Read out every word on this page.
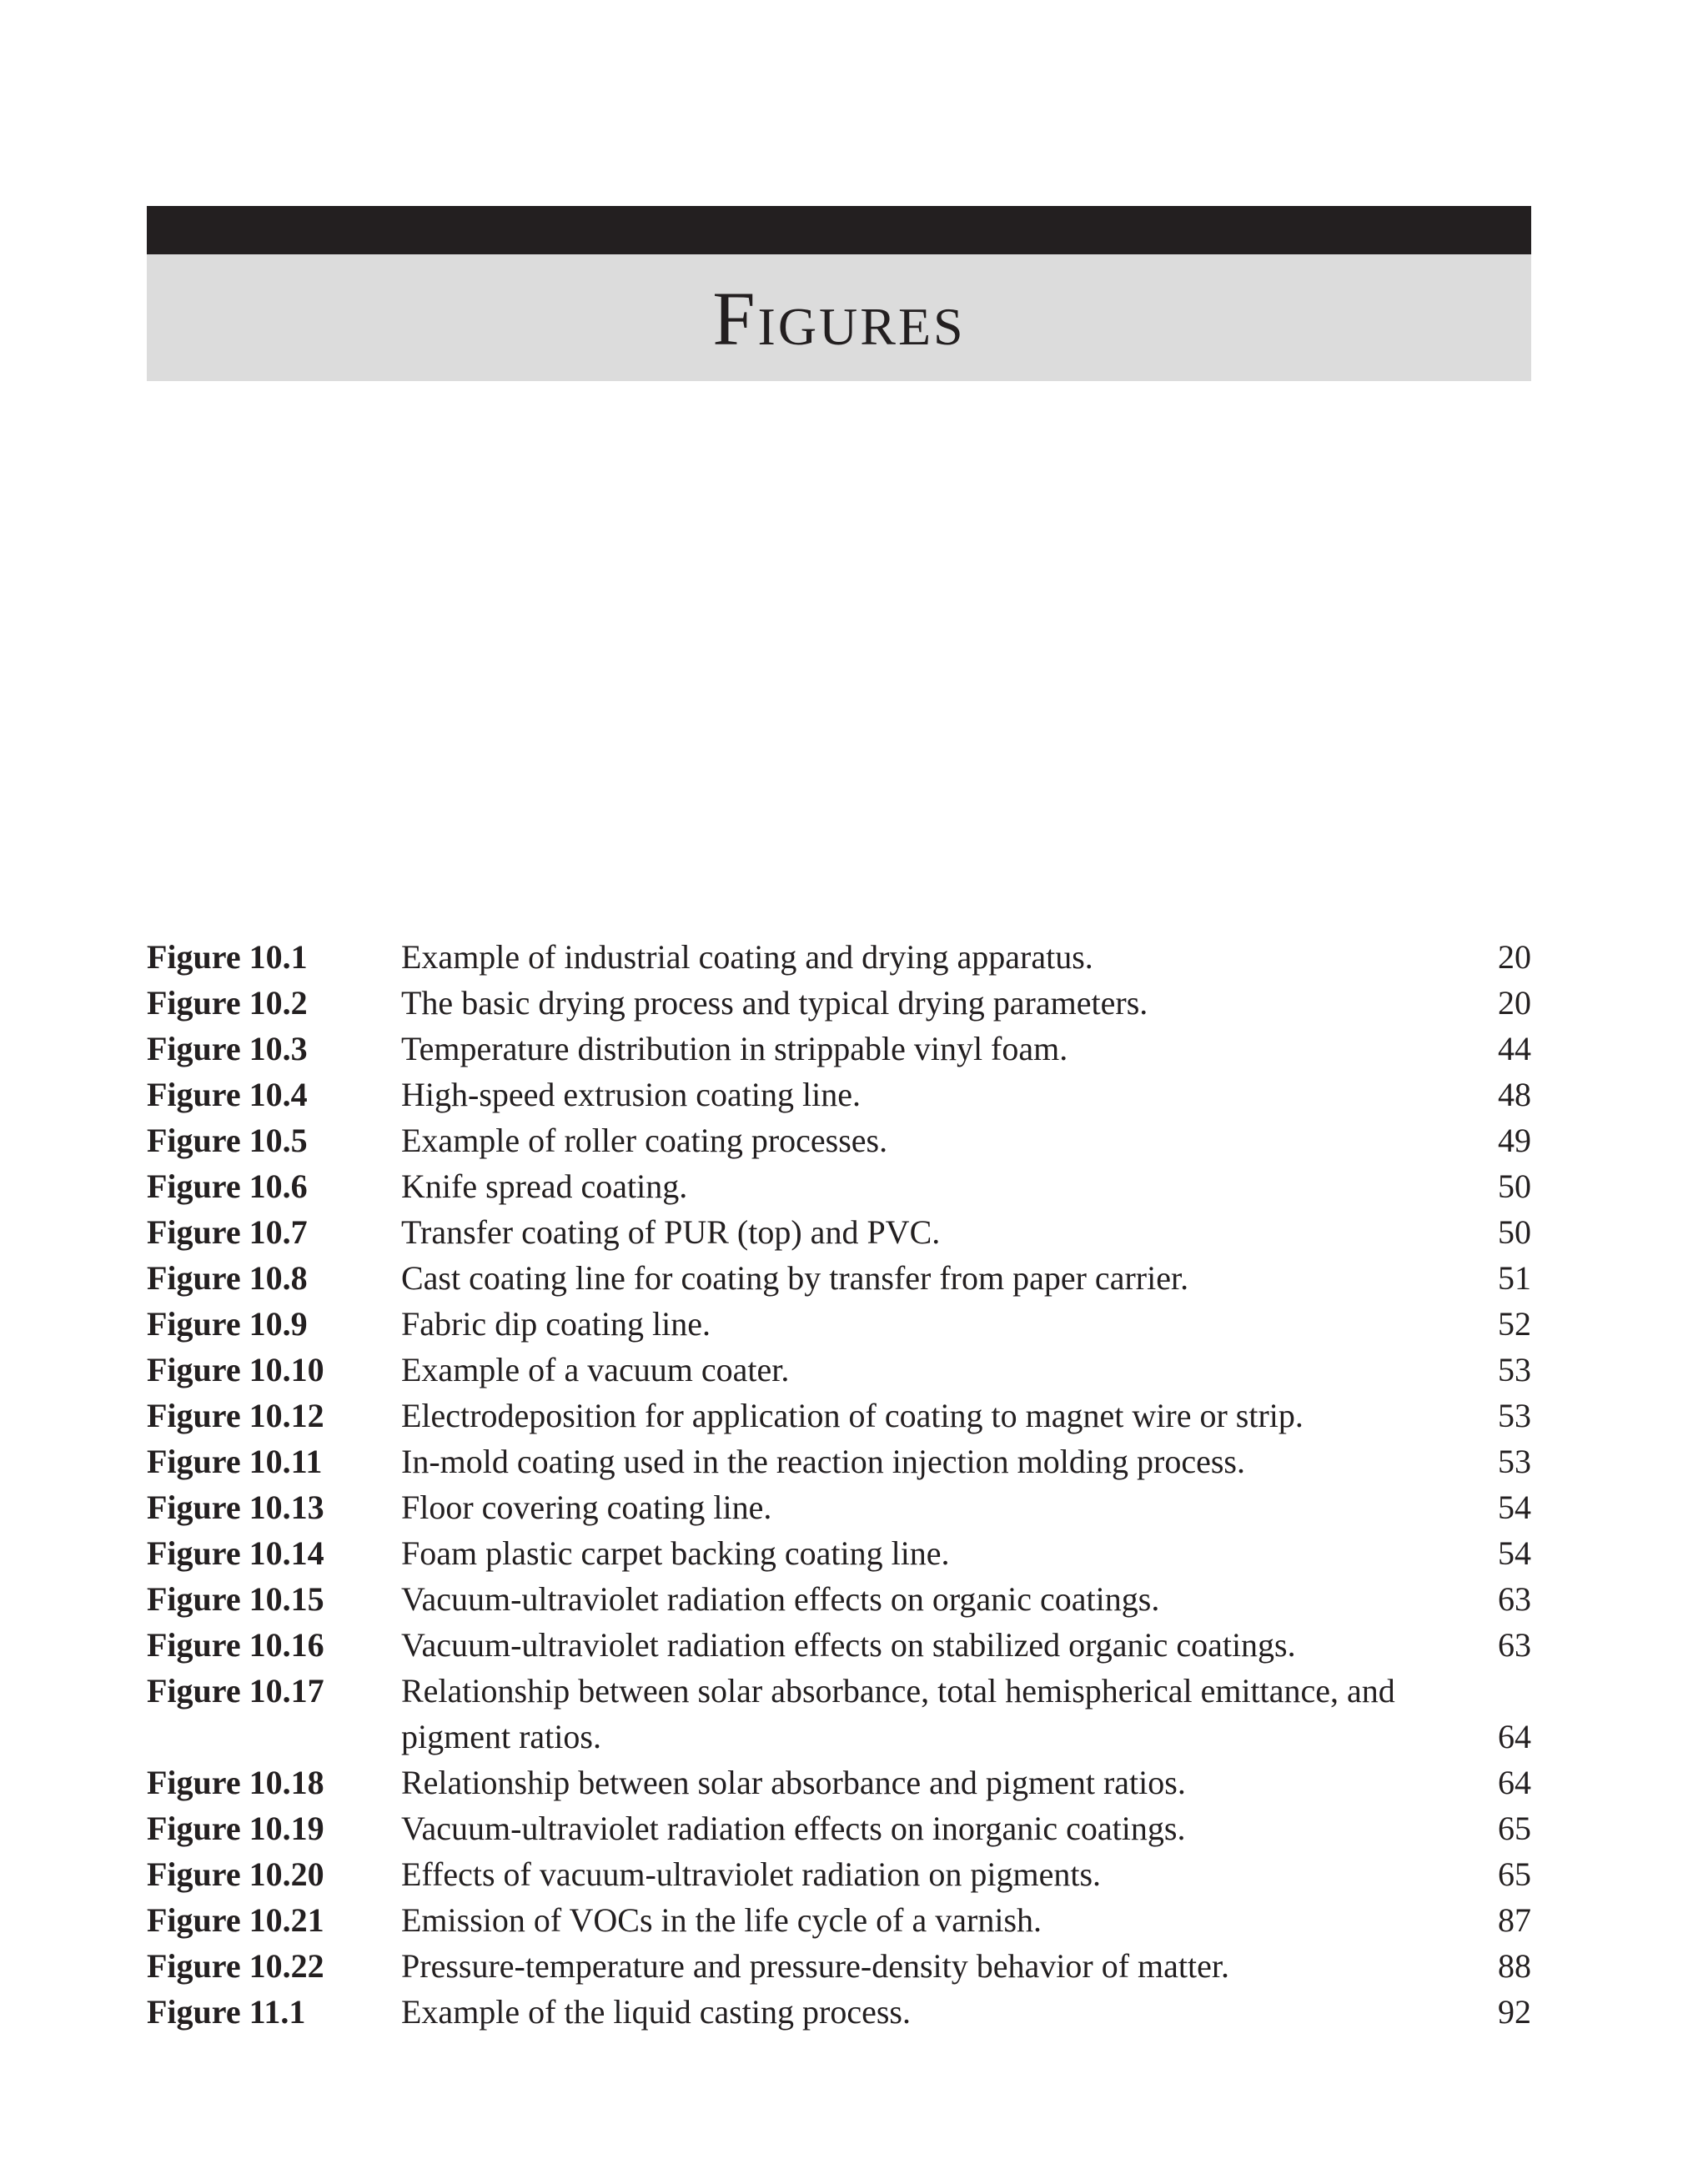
Figures
Figure 10.1	Example of industrial coating and drying apparatus.	20
Figure 10.2	The basic drying process and typical drying parameters.	20
Figure 10.3	Temperature distribution in strippable vinyl foam.	44
Figure 10.4	High-speed extrusion coating line.	48
Figure 10.5	Example of roller coating processes.	49
Figure 10.6	Knife spread coating.	50
Figure 10.7	Transfer coating of PUR (top) and PVC.	50
Figure 10.8	Cast coating line for coating by transfer from paper carrier.	51
Figure 10.9	Fabric dip coating line.	52
Figure 10.10	Example of a vacuum coater.	53
Figure 10.12	Electrodeposition for application of coating to magnet wire or strip.	53
Figure 10.11	In-mold coating used in the reaction injection molding process.	53
Figure 10.13	Floor covering coating line.	54
Figure 10.14	Foam plastic carpet backing coating line.	54
Figure 10.15	Vacuum-ultraviolet radiation effects on organic coatings.	63
Figure 10.16	Vacuum-ultraviolet radiation effects on stabilized organic coatings.	63
Figure 10.17	Relationship between solar absorbance, total hemispherical emittance, and pigment ratios.	64
Figure 10.18	Relationship between solar absorbance and pigment ratios.	64
Figure 10.19	Vacuum-ultraviolet radiation effects on inorganic coatings.	65
Figure 10.20	Effects of vacuum-ultraviolet radiation on pigments.	65
Figure 10.21	Emission of VOCs in the life cycle of a varnish.	87
Figure 10.22	Pressure-temperature and pressure-density behavior of matter.	88
Figure 11.1	Example of the liquid casting process.	92
